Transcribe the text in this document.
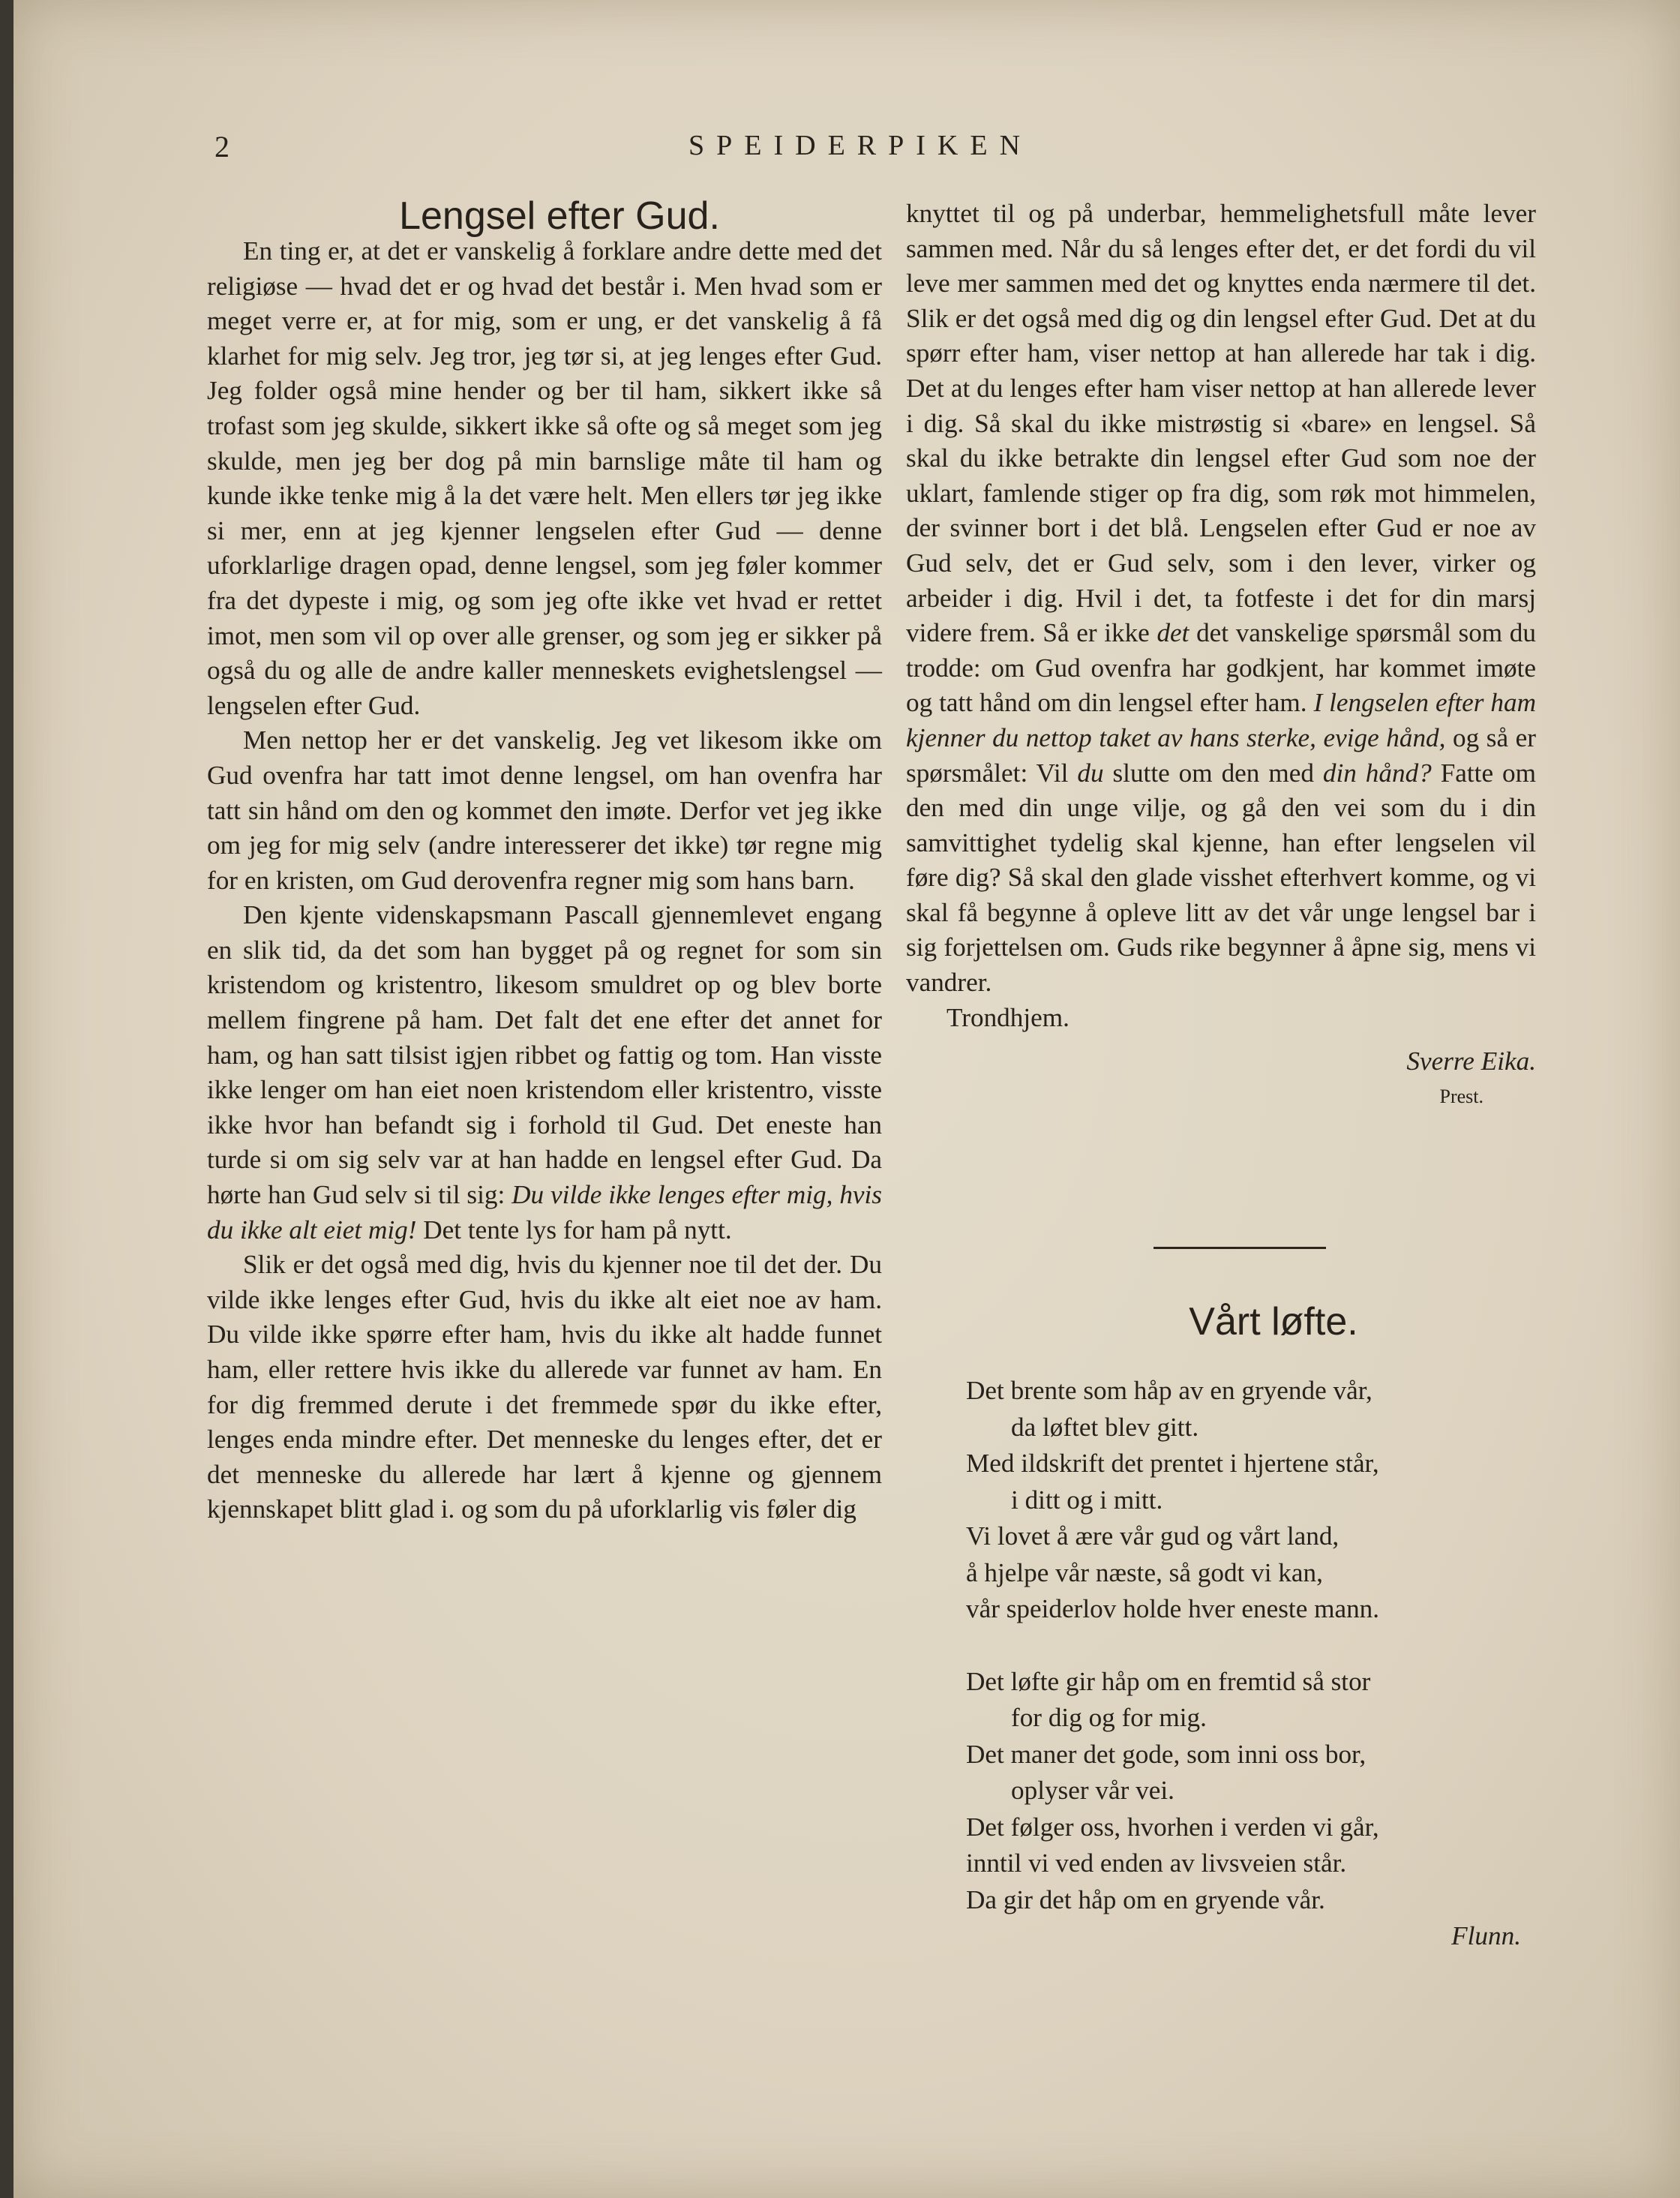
2	SPEIDERPIKEN
Lengsel efter Gud.

En ting er, at det er vanskelig å forklare andre dette med det religiøse — hvad det er og hvad det består i. Men hvad som er meget verre er, at for mig, som er ung, er det vanskelig å få klarhet for mig selv. Jeg tror, jeg tør si, at jeg lenges efter Gud. Jeg folder også mine hender og ber til ham, sikkert ikke så trofast som jeg skulde, sikkert ikke så ofte og så meget som jeg skulde, men jeg ber dog på min barnslige måte til ham og kunde ikke tenke mig å la det være helt. Men ellers tør jeg ikke si mer, enn at jeg kjenner lengselen efter Gud — denne uforklarlige dragen opad, denne lengsel, som jeg føler kommer fra det dypeste i mig, og som jeg ofte ikke vet hvad er rettet imot, men som vil op over alle grenser, og som jeg er sikker på også du og alle de andre kaller menneskets evighetslengsel — lengselen efter Gud.

Men nettop her er det vanskelig. Jeg vet likesom ikke om Gud ovenfra har tatt imot denne lengsel, om han ovenfra har tatt sin hånd om den og kommet den imøte. Derfor vet jeg ikke om jeg for mig selv (andre interesserer det ikke) tør regne mig for en kristen, om Gud derovenfra regner mig som hans barn.

Den kjente videnskapsmann Pascall gjennemlevet engang en slik tid, da det som han bygget på og regnet for som sin kristendom og kristentro, likesom smuldret op og blev borte mellem fingrene på ham. Det falt det ene efter det annet for ham, og han satt tilsist igjen ribbet og fattig og tom. Han visste ikke lenger om han eiet noen kristendom eller kristentro, visste ikke hvor han befandt sig i forhold til Gud. Det eneste han turde si om sig selv var at han hadde en lengsel efter Gud. Da hørte han Gud selv si til sig: Du vilde ikke lenges efter mig, hvis du ikke alt eiet mig! Det tente lys for ham på nytt.

Slik er det også med dig, hvis du kjenner noe til det der. Du vilde ikke lenges efter Gud, hvis du ikke alt eiet noe av ham. Du vilde ikke spørre efter ham, hvis du ikke alt hadde funnet ham, eller rettere hvis ikke du allerede var funnet av ham. En for dig fremmed derute i det fremmede spør du ikke efter, lenges enda mindre efter. Det menneske du lenges efter, det er det menneske du allerede har lært å kjenne og gjennem kjennskapet blitt glad i. og som du på uforklarlig vis føler dig

knyttet til og på underbar, hemmelighetsfull måte lever sammen med. Når du så lenges efter det, er det fordi du vil leve mer sammen med det og knyttes enda nærmere til det. Slik er det også med dig og din lengsel efter Gud. Det at du spørr efter ham, viser nettop at han allerede har tak i dig. Det at du lenges efter ham viser nettop at han allerede lever i dig. Så skal du ikke mistrøstig si «bare» en lengsel. Så skal du ikke betrakte din lengsel efter Gud som noe der uklart, famlende stiger op fra dig, som røk mot himmelen, der svinner bort i det blå. Lengselen efter Gud er noe av Gud selv, det er Gud selv, som i den lever, virker og arbeider i dig. Hvil i det, ta fotfeste i det for din marsj videre frem. Så er ikke det det vanskelige spørsmål som du trodde: om Gud ovenfra har godkjent, har kommet imøte og tatt hånd om din lengsel efter ham. I lengselen efter ham kjenner du nettop taket av hans sterke, evige hånd, og så er spørsmålet: Vil du slutte om den med din hånd? Fatte om den med din unge vilje, og gå den vei som du i din samvittighet tydelig skal kjenne, han efter lengselen vil føre dig? Så skal den glade visshet efterhvert komme, og vi skal få begynne å opleve litt av det vår unge lengsel bar i sig forjettelsen om. Guds rike begynner å åpne sig, mens vi vandrer.

Trondhjem.

Sverre Eika.

Prest.

Vårt løfte.
Det brente som håp av en gryende vår,
da løftet blev gitt.
Med ildskrift det prentet i hjertene står,
i ditt og i mitt.
Vi lovet å ære vår gud og vårt land,
å hjelpe vår næste, så godt vi kan,
vår speiderlov holde hver eneste mann.
Det løfte gir håp om en fremtid så stor
for dig og for mig.
Det maner det gode, som inni oss bor,
oplyser vår vei.
Det følger oss, hvorhen i verden vi går,
inntil vi ved enden av livsveien står.
Da gir det håp om en gryende vår.
Flunn.
